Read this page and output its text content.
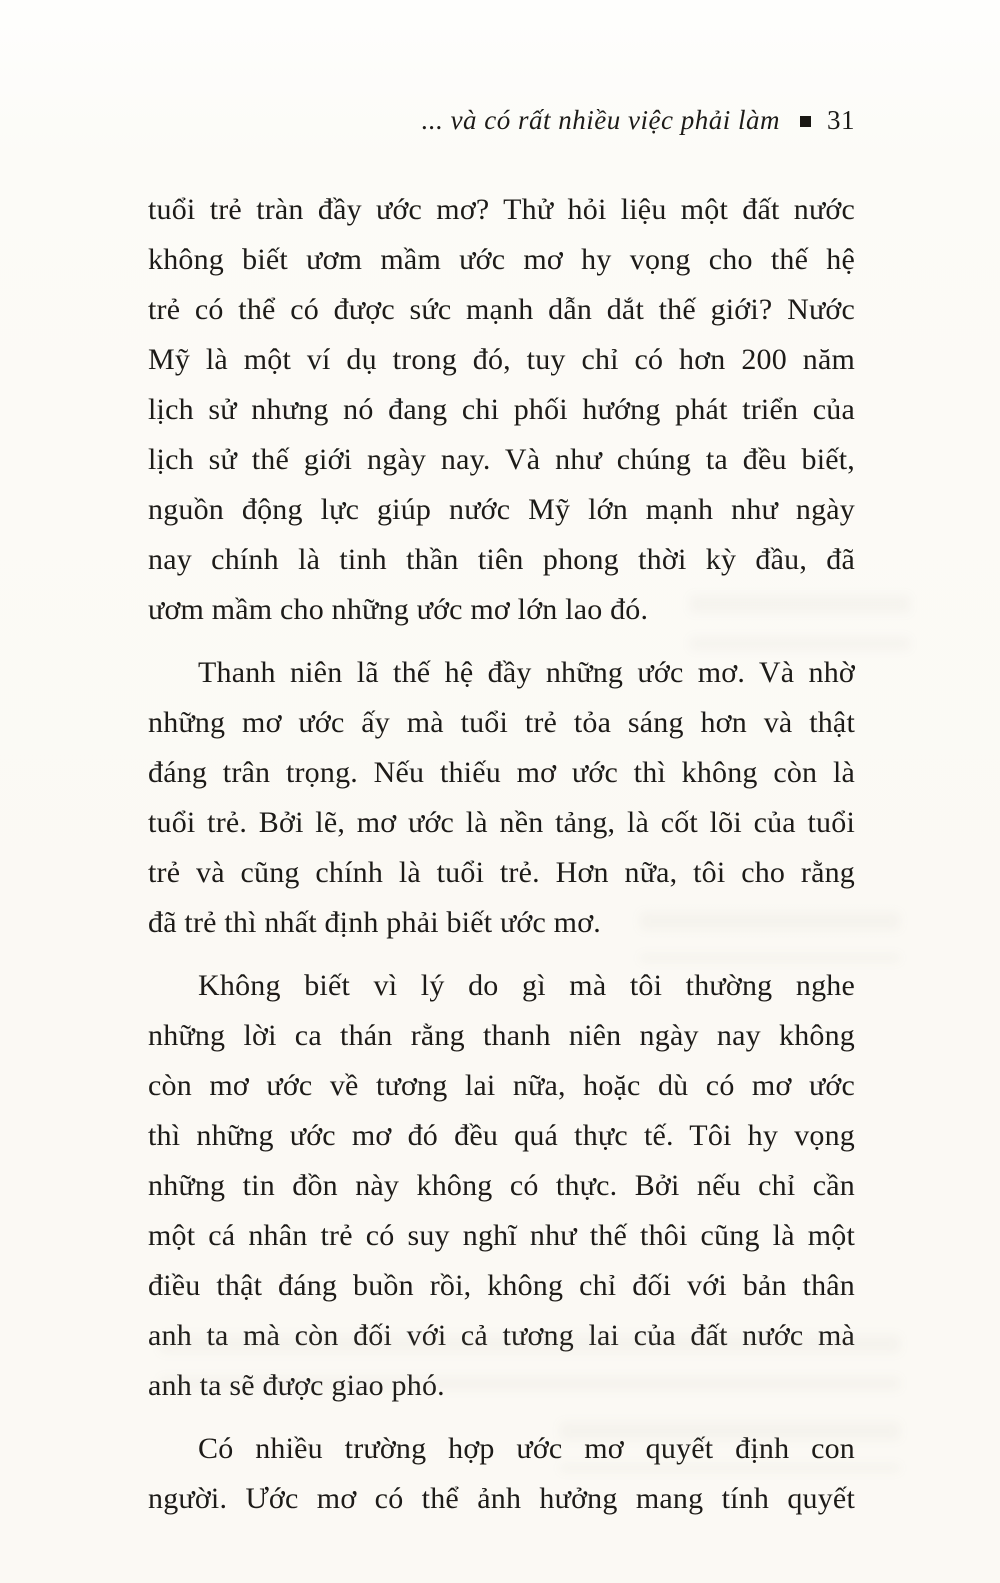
... và có rất nhiều việc phải làm 31
tuổi trẻ tràn đầy ước mơ? Thử hỏi liệu một đất nước
không biết ươm mầm ước mơ hy vọng cho thế hệ
trẻ có thể có được sức mạnh dẫn dắt thế giới? Nước
Mỹ là một ví dụ trong đó, tuy chỉ có hơn 200 năm
lịch sử nhưng nó đang chi phối hướng phát triển của
lịch sử thế giới ngày nay. Và như chúng ta đều biết,
nguồn động lực giúp nước Mỹ lớn mạnh như ngày
nay chính là tinh thần tiên phong thời kỳ đầu, đã
ươm mầm cho những ước mơ lớn lao đó.
Thanh niên lã thế hệ đầy những ước mơ. Và nhờ
những mơ ước ấy mà tuổi trẻ tỏa sáng hơn và thật
đáng trân trọng. Nếu thiếu mơ ước thì không còn là
tuổi trẻ. Bởi lẽ, mơ ước là nền tảng, là cốt lõi của tuổi
trẻ và cũng chính là tuổi trẻ. Hơn nữa, tôi cho rằng
đã trẻ thì nhất định phải biết ước mơ.
Không biết vì lý do gì mà tôi thường nghe
những lời ca thán rằng thanh niên ngày nay không
còn mơ ước về tương lai nữa, hoặc dù có mơ ước
thì những ước mơ đó đều quá thực tế. Tôi hy vọng
những tin đồn này không có thực. Bởi nếu chỉ cần
một cá nhân trẻ có suy nghĩ như thế thôi cũng là một
điều thật đáng buồn rồi, không chỉ đối với bản thân
anh ta mà còn đối với cả tương lai của đất nước mà
anh ta sẽ được giao phó.
Có nhiều trường hợp ước mơ quyết định con
người. Ước mơ có thể ảnh hưởng mang tính quyết
